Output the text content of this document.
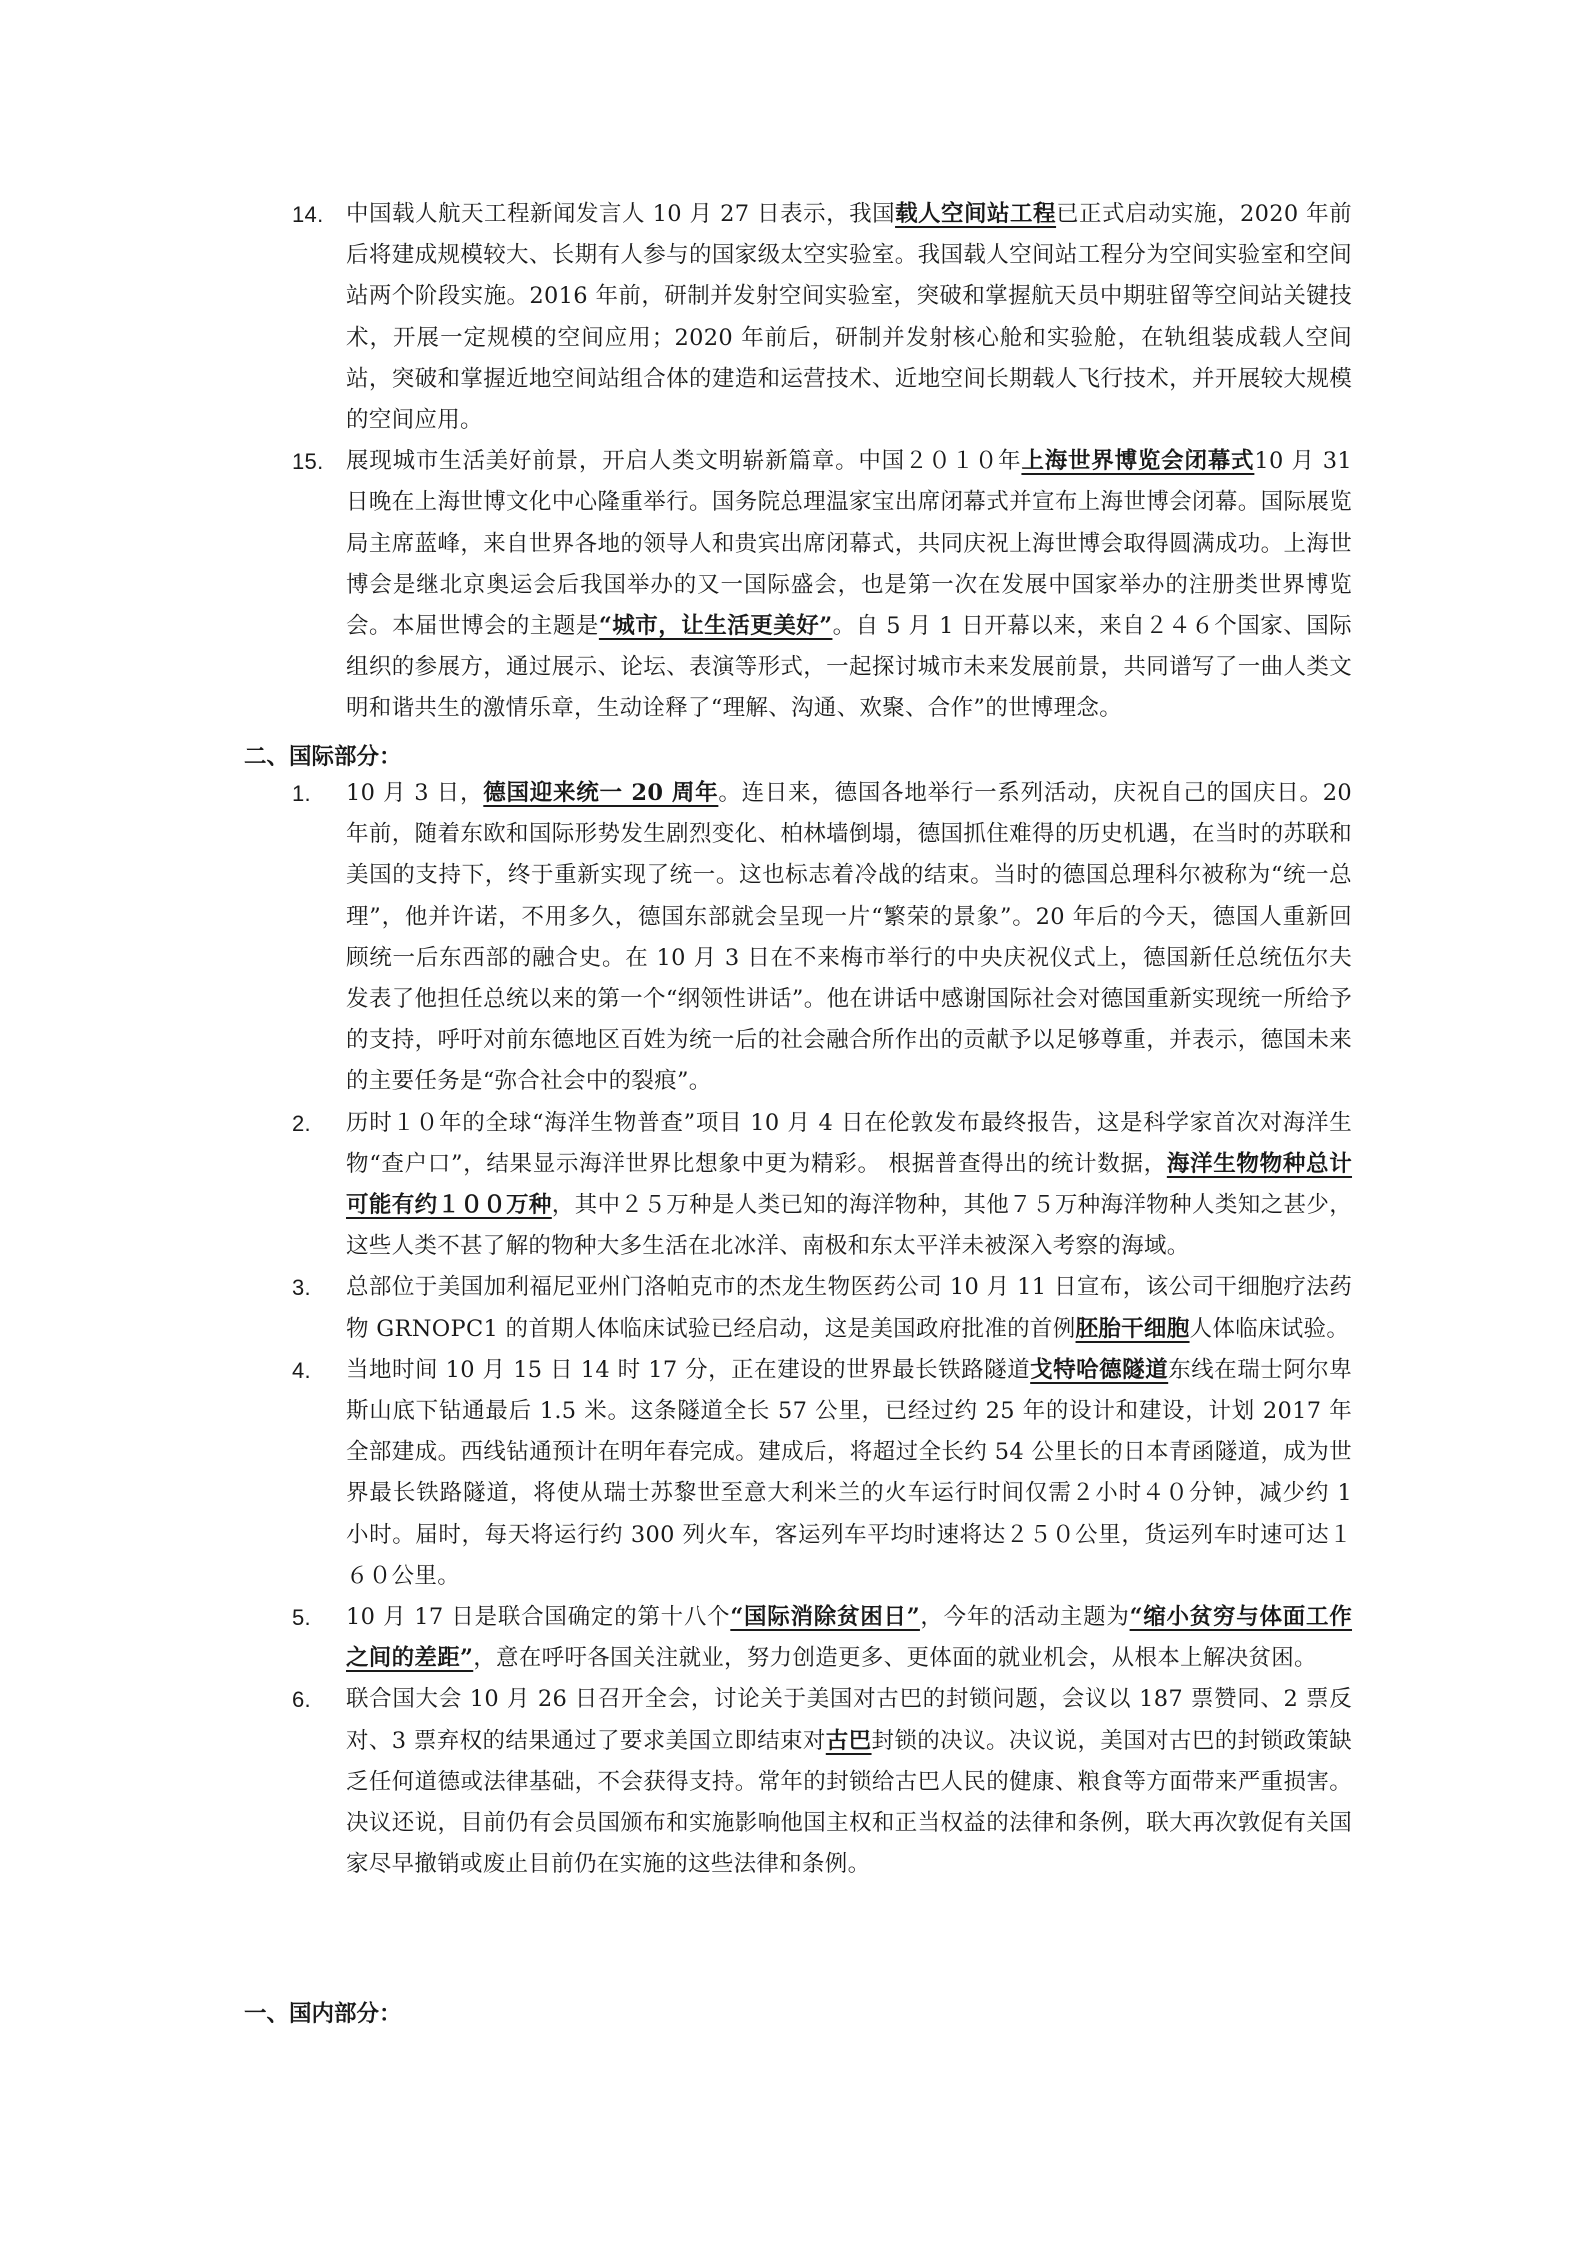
14. 中国载人航天工程新闻发言人 10 月 27 日表示，我国载人空间站工程已正式启动实施，2020 年前后将建成规模较大、长期有人参与的国家级太空实验室。我国载人空间站工程分为空间实验室和空间站两个阶段实施。2016 年前，研制并发射空间实验室，突破和掌握航天员中期驻留等空间站关键技术，开展一定规模的空间应用；2020 年前后，研制并发射核心舱和实验舱，在轨组装成载人空间站，突破和掌握近地空间站组合体的建造和运营技术、近地空间长期载人飞行技术，并开展较大规模的空间应用。
15. 展现城市生活美好前景，开启人类文明崭新篇章。中国２０１０年上海世界博览会闭幕式10 月 31 日晚在上海世博文化中心隆重举行。国务院总理温家宝出席闭幕式并宣布上海世博会闭幕。国际展览局主席蓝峰，来自世界各地的领导人和贵宾出席闭幕式，共同庆祝上海世博会取得圆满成功。上海世博会是继北京奥运会后我国举办的又一国际盛会，也是第一次在发展中国家举办的注册类世界博览会。本届世博会的主题是“城市，让生活更美好”。自 5 月 1 日开幕以来，来自２４６个国家、国际组织的参展方，通过展示、论坛、表演等形式，一起探讨城市未来发展前景，共同谱写了一曲人类文明和谐共生的激情乐章，生动诠释了“理解、沟通、欢聚、合作”的世博理念。
二、国际部分：
1. 10 月 3 日，德国迎来统一 20 周年。连日来，德国各地举行一系列活动，庆祝自己的国庆日。20 年前，随着东欧和国际形势发生剧烈变化、柏林墙倒塌，德国抓住难得的历史机遇，在当时的苏联和美国的支持下，终于重新实现了统一。这也标志着冷战的结束。当时的德国总理科尔被称为“统一总理”，他并许诺，不用多久，德国东部就会呈现一片“繁荣的景象”。20 年后的今天，德国人重新回顾统一后东西部的融合史。在 10 月 3 日在不来梅市举行的中央庆祝仪式上，德国新任总统伍尔夫发表了他担任总统以来的第一个“纲领性讲话”。他在讲话中感谢国际社会对德国重新实现统一所给予的支持，呼吁对前东德地区百姓为统一后的社会融合所作出的贡献予以足够尊重，并表示，德国未来的主要任务是“弥合社会中的裂痕”。
2. 历时１０年的全球“海洋生物普查”项目 10 月 4 日在伦敦发布最终报告，这是科学家首次对海洋生物“查户口”，结果显示海洋世界比想象中更为精彩。 根据普查得出的统计数据，海洋生物物种总计可能有约１００万种，其中２５万种是人类已知的海洋物种，其他７５万种海洋物种人类知之甚少，这些人类不甚了解的物种大多生活在北冰洋、南极和东太平洋未被深入考察的海域。
3. 总部位于美国加利福尼亚州门洛帕克市的杰龙生物医药公司 10 月 11 日宣布，该公司干细胞疗法药物 GRNOPC1 的首期人体临床试验已经启动，这是美国政府批准的首例胚胎干细胞人体临床试验。
4. 当地时间 10 月 15 日 14 时 17 分，正在建设的世界最长铁路隧道戈特哈德隧道东线在瑞士阿尔卑斯山底下钻通最后 1.5 米。这条隧道全长 57 公里，已经过约 25 年的设计和建设，计划 2017 年全部建成。西线钻通预计在明年春完成。建成后，将超过全长约 54 公里长的日本青函隧道，成为世界最长铁路隧道，将使从瑞士苏黎世至意大利米兰的火车运行时间仅需２小时４０分钟，减少约 1 小时。届时，每天将运行约 300 列火车，客运列车平均时速将达２５０公里，货运列车时速可达１６０公里。
5. 10 月 17 日是联合国确定的第十八个“国际消除贫困日”，今年的活动主题为“缩小贫穷与体面工作之间的差距”，意在呼吁各国关注就业，努力创造更多、更体面的就业机会，从根本上解决贫困。
6. 联合国大会 10 月 26 日召开全会，讨论关于美国对古巴的封锁问题，会议以 187 票赞同、2 票反对、3 票弃权的结果通过了要求美国立即结束对古巴封锁的决议。决议说，美国对古巴的封锁政策缺乏任何道德或法律基础，不会获得支持。常年的封锁给古巴人民的健康、粮食等方面带来严重损害。决议还说，目前仍有会员国颁布和实施影响他国主权和正当权益的法律和条例，联大再次敦促有关国家尽早撤销或废止目前仍在实施的这些法律和条例。
一、国内部分：
